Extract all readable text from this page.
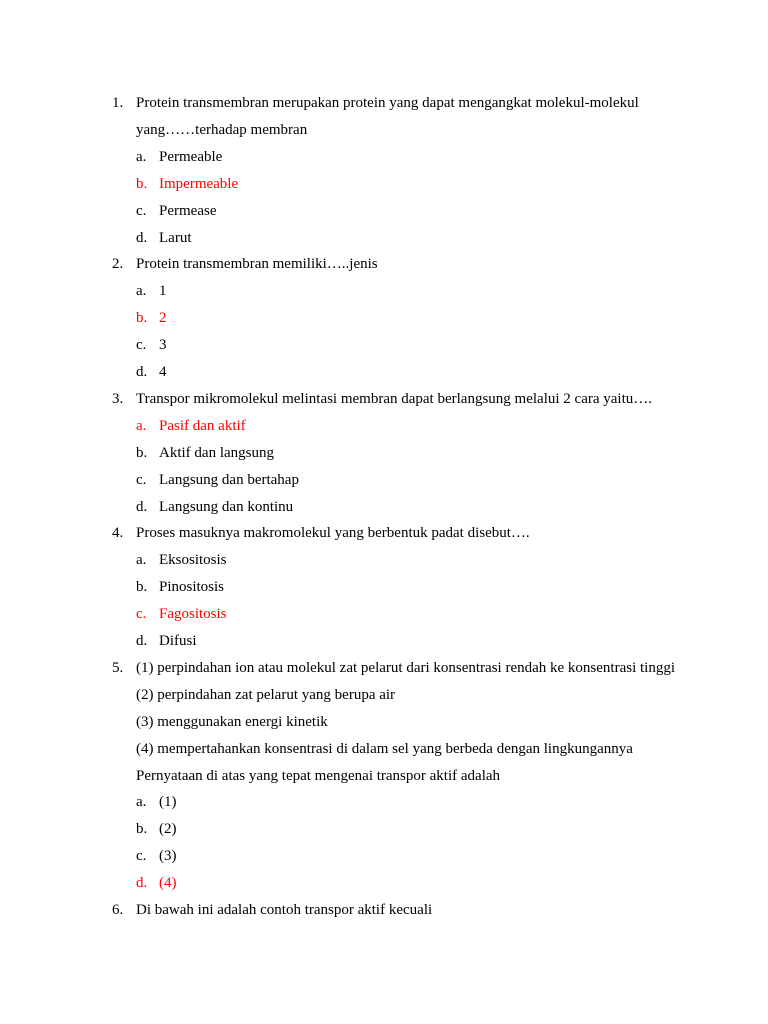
1. Protein transmembran merupakan protein yang dapat mengangkat molekul-molekul
yang……terhadap membran
a. Permeable
b. Impermeable
c. Permease
d. Larut
2. Protein transmembran memiliki…..jenis
a. 1
b. 2
c. 3
d. 4
3. Transpor mikromolekul melintasi membran dapat berlangsung melalui 2 cara yaitu….
a. Pasif dan aktif
b. Aktif dan langsung
c. Langsung dan bertahap
d. Langsung dan kontinu
4. Proses masuknya makromolekul yang berbentuk padat disebut….
a. Eksositosis
b. Pinositosis
c. Fagositosis
d. Difusi
5. (1) perpindahan ion atau molekul zat pelarut dari konsentrasi rendah ke konsentrasi tinggi
(2) perpindahan zat pelarut yang berupa air
(3) menggunakan energi kinetik
(4) mempertahankan konsentrasi di dalam sel yang berbeda dengan lingkungannya
Pernyataan di atas yang tepat mengenai transpor aktif adalah
a. (1)
b. (2)
c. (3)
d. (4)
6. Di bawah ini adalah contoh transpor aktif kecuali
